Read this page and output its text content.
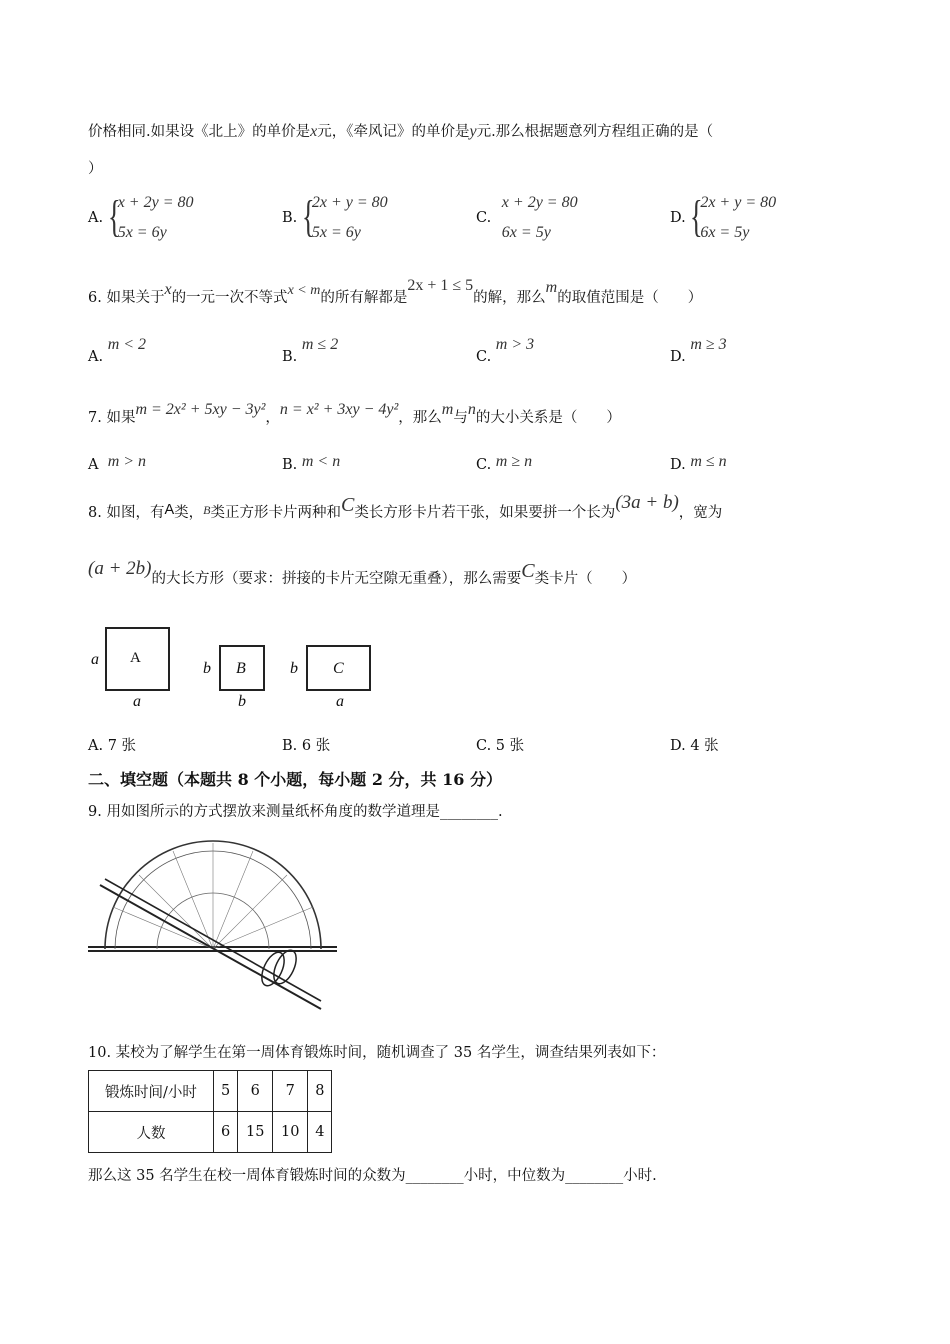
价格相同.如果设《北上》的单价是x元，《牵风记》的单价是y元.那么根据题意列方程组正确的是（
）
A. {
x + 2y = 80
5x = 6y
B. {
2x + y = 80
5x = 6y
C. x + 2y = 80
6x = 5y
D. {
2x + y = 80
6x = 5y
6. 如果关于x的一元一次不等式x < m的所有解都是2x + 1 ≤ 5的解，那么m的取值范围是（　　）
A. m < 2
B. m ≤ 2
C. m > 3
D. m ≥ 3
7. 如果m = 2x² + 5xy − 3y²，n = x² + 3xy − 4y²，那么m与n的大小关系是（　　）
A m > n	B. m < n	C. m ≥ n	D. m ≤ n
8. 如图，有A类，$^B$类正方形卡片两种和C类长方形卡片若干张，如果要拼一个长为(3a + b)，宽为
(a + 2b)的大长方形（要求：拼接的卡片无空隙无重叠），那么需要C类卡片（　　）
a A
a
b B
b
b C
a
A. 7 张	B. 6 张	C. 5 张	D. 4 张
二、填空题（本题共 8 个小题，每小题 2 分，共 16 分）
9. 用如图所示的方式摆放来测量纸杯角度的数学道理是________.
10. 某校为了解学生在第一周体育锻炼时间，随机调查了 35 名学生，调查结果列表如下：
锻炼时间/小时	5	6	7	8
人数	6	15	10	4
那么这 35 名学生在校一周体育锻炼时间的众数为________小时，中位数为________小时.
